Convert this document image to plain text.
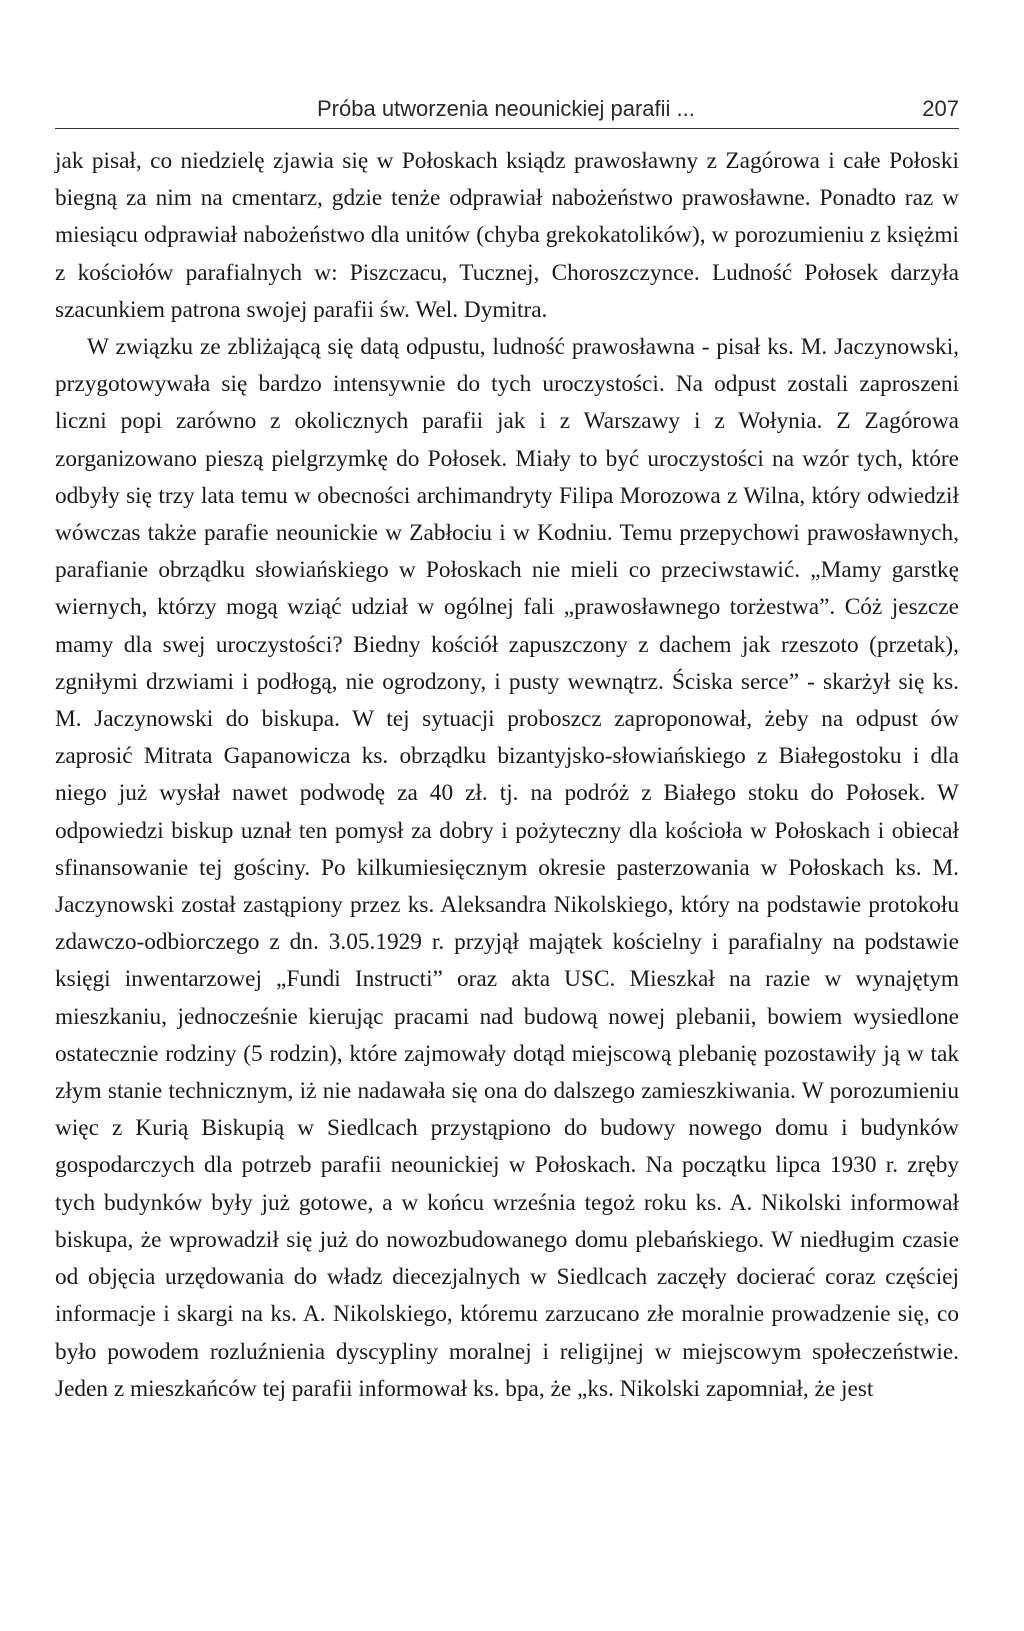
Próba utworzenia neounickiej parafii ...	207

jak pisał, co niedzielę zjawia się w Połoskach ksiądz prawosławny z Zagórowa i całe Połoski biegną za nim na cmentarz, gdzie tenże odprawiał nabożeństwo prawosławne. Ponadto raz w miesiącu odprawiał nabożeństwo dla unitów (chyba grekokatolików), w porozumieniu z księżmi z kościołów parafialnych w: Piszczacu, Tucznej, Choroszczynce. Ludność Połosek darzyła szacunkiem patrona swojej parafii św. Wel. Dymitra.

W związku ze zbliżającą się datą odpustu, ludność prawosławna - pisał ks. M. Jaczynowski, przygotowywała się bardzo intensywnie do tych uroczystości. Na odpust zostali zaproszeni liczni popi zarówno z okolicznych parafii jak i z Warszawy i z Wołynia. Z Zagórowa zorganizowano pieszą pielgrzymkę do Połosek. Miały to być uroczystości na wzór tych, które odbyły się trzy lata temu w obecności archimandryty Filipa Morozowa z Wilna, który odwiedził wówczas także parafie neounickie w Zabłociu i w Kodniu. Temu przepychowi prawosławnych, parafianie obrządku słowiańskiego w Połoskach nie mieli co przeciwstawić. „Mamy garstkę wiernych, którzy mogą wziąć udział w ogólnej fali „prawosławnego torżestwa”. Cóż jeszcze mamy dla swej uroczystości? Biedny kościół zapuszczony z dachem jak rzeszoto (przetak), zgniłymi drzwiami i podłogą, nie ogrodzony, i pusty wewnątrz. Ściska serce” - skarżył się ks. M. Jaczynowski do biskupa. W tej sytuacji proboszcz zaproponował, żeby na odpust ów zaprosić Mitrata Gapanowicza ks. obrządku bizantyjsko-słowiańskiego z Białegostoku i dla niego już wysłał nawet podwodę za 40 zł. tj. na podróż z Białego stoku do Połosek. W odpowiedzi biskup uznał ten pomysł za dobry i pożyteczny dla kościoła w Połoskach i obiecał sfinansowanie tej gościny. Po kilkumiesięcznym okresie pasterzowania w Połoskach ks. M. Jaczynowski został zastąpiony przez ks. Aleksandra Nikolskiego, który na podstawie protokołu zdawczo-odbiorczego z dn. 3.05.1929 r. przyjął majątek kościelny i parafialny na podstawie księgi inwentarzowej „Fundi Instructi” oraz akta USC. Mieszkał na razie w wynajętym mieszkaniu, jednocześnie kierując pracami nad budową nowej plebanii, bowiem wysiedlone ostatecznie rodziny (5 rodzin), które zajmowały dotąd miejscową plebanię pozostawiły ją w tak złym stanie technicznym, iż nie nadawała się ona do dalszego zamieszkiwania. W porozumieniu więc z Kurią Biskupią w Siedlcach przystąpiono do budowy nowego domu i budynków gospodarczych dla potrzeb parafii neounickiej w Połoskach. Na początku lipca 1930 r. zręby tych budynków były już gotowe, a w końcu września tegoż roku ks. A. Nikolski informował biskupa, że wprowadził się już do nowozbudowanego domu plebańskiego. W niedługim czasie od objęcia urzędowania do władz diecezjalnych w Siedlcach zaczęły docierać coraz częściej informacje i skargi na ks. A. Nikolskiego, któremu zarzucano złe moralnie prowadzenie się, co było powodem rozluźnienia dyscypliny moralnej i religijnej w miejscowym społeczeństwie. Jeden z mieszkańców tej parafii informował ks. bpa, że „ks. Nikolski zapomniał, że jest
